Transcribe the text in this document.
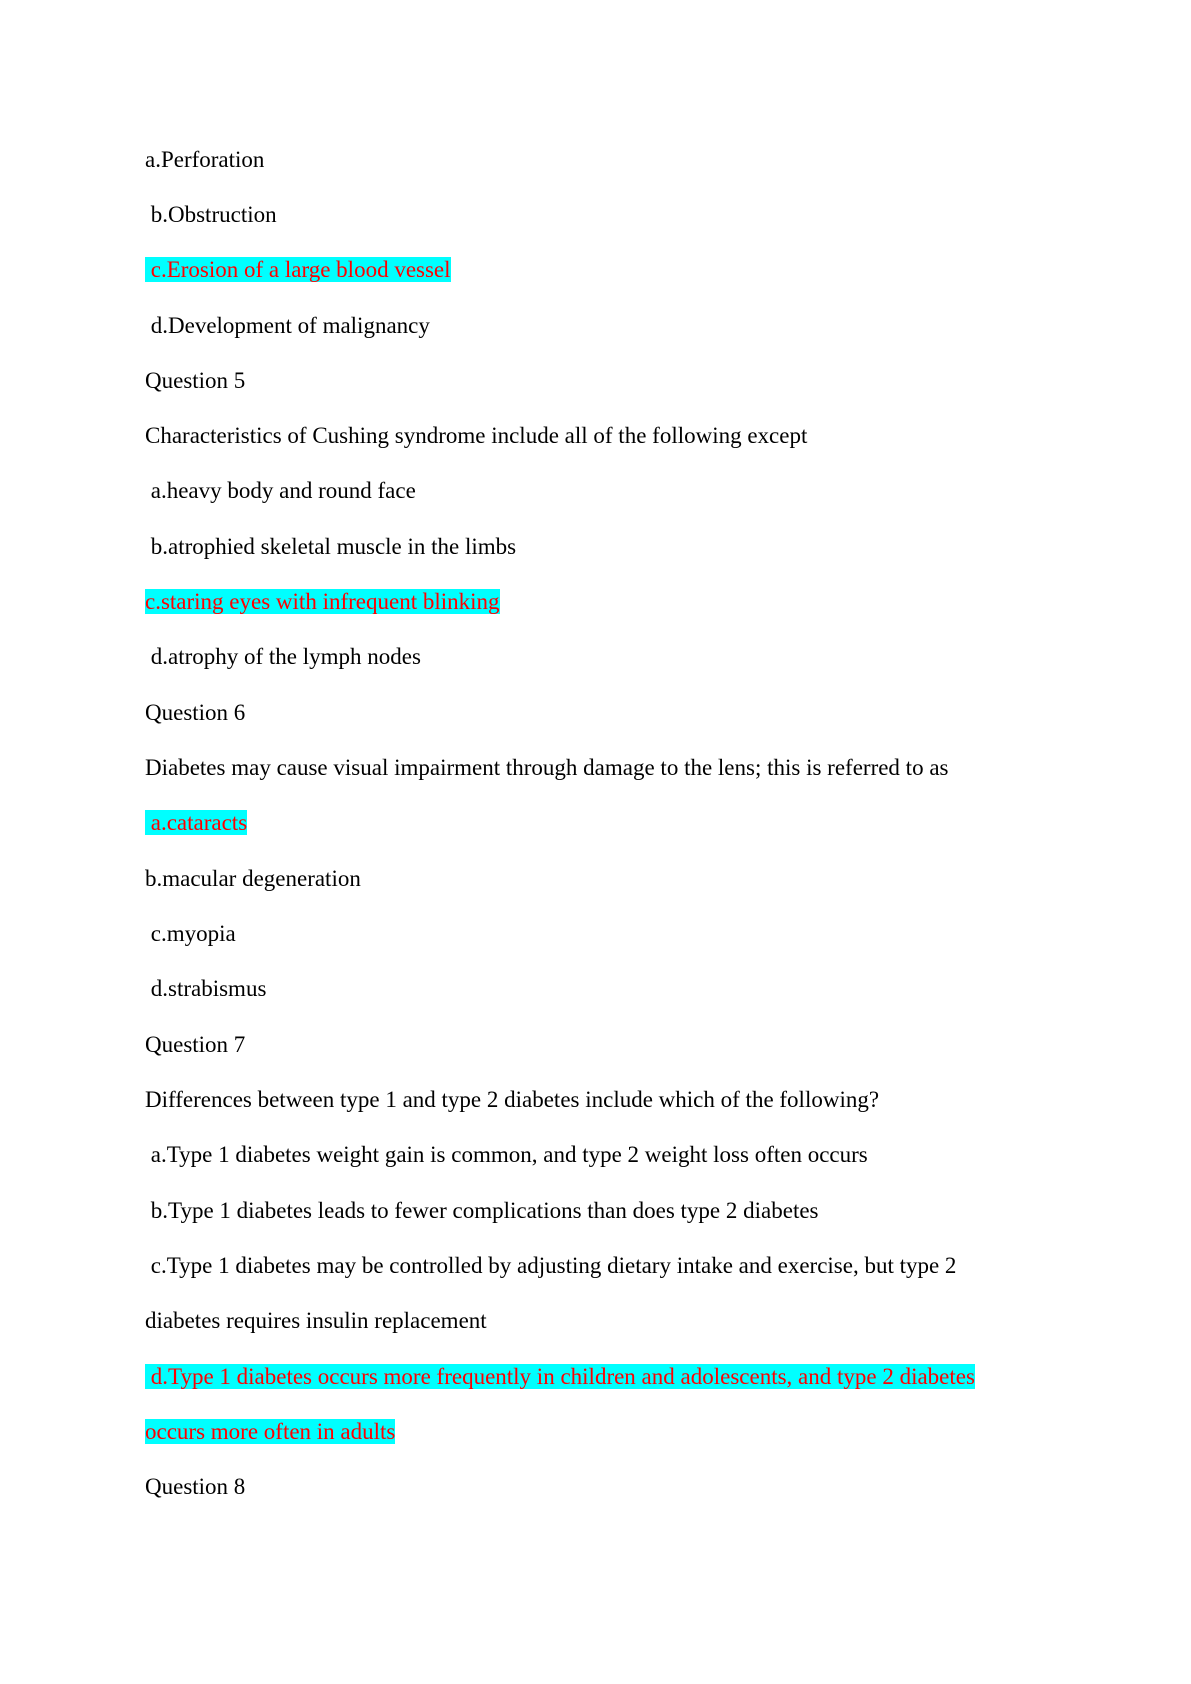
a.Perforation

b.Obstruction

c.Erosion of a large blood vessel

d.Development of malignancy

Question 5

Characteristics of Cushing syndrome include all of the following except

a.heavy body and round face

b.atrophied skeletal muscle in the limbs

c.staring eyes with infrequent blinking

d.atrophy of the lymph nodes

Question 6

Diabetes may cause visual impairment through damage to the lens; this is referred to as

a.cataracts

b.macular degeneration

c.myopia

d.strabismus

Question 7

Differences between type 1 and type 2 diabetes include which of the following?

a.Type 1 diabetes weight gain is common, and type 2 weight loss often occurs

b.Type 1 diabetes leads to fewer complications than does type 2 diabetes

c.Type 1 diabetes may be controlled by adjusting dietary intake and exercise, but type 2

diabetes requires insulin replacement

d.Type 1 diabetes occurs more frequently in children and adolescents, and type 2 diabetes

occurs more often in adults

Question 8
